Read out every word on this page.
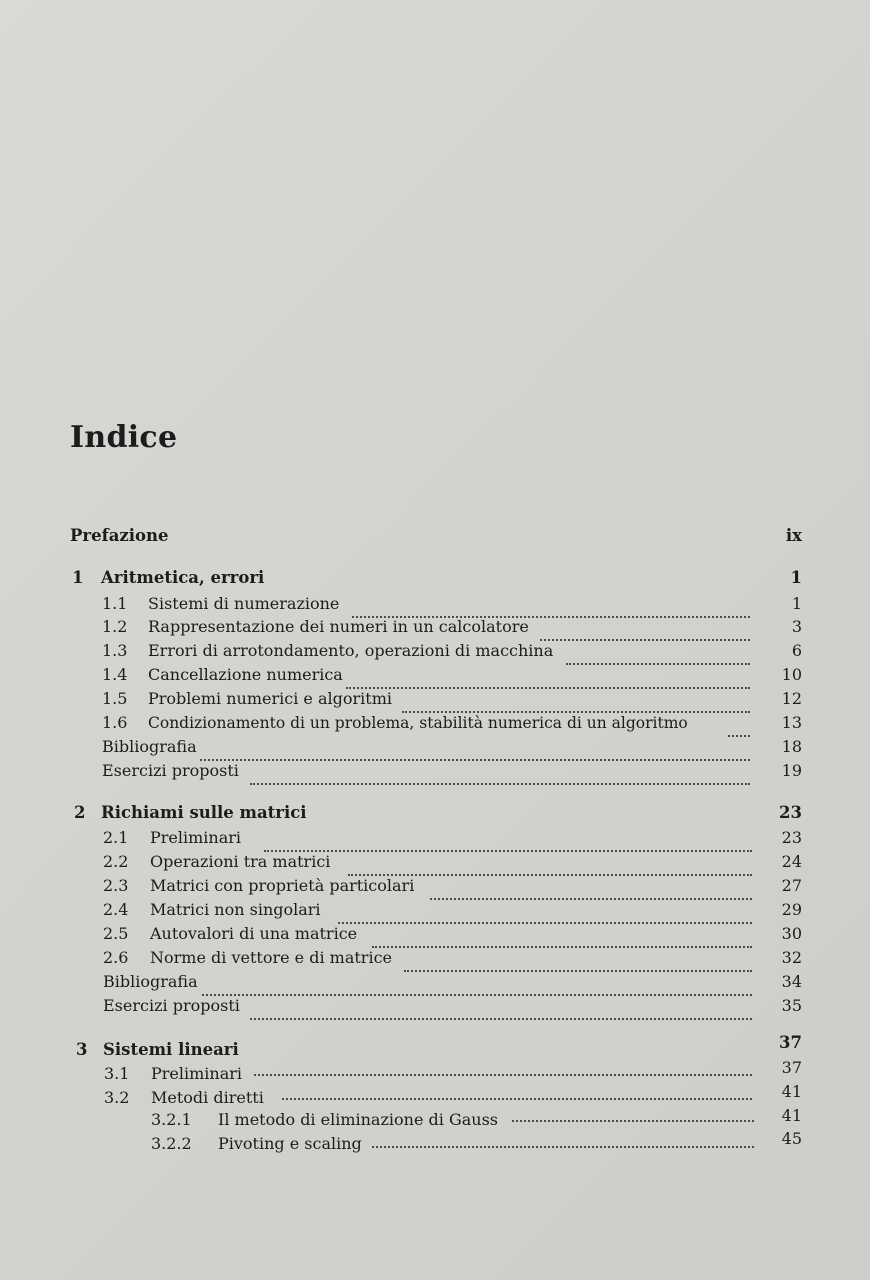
Indice
Prefazione	ix
1 Aritmetica, errori	1
1.1 Sistemi di numerazione	1
1.2 Rappresentazione dei numeri in un calcolatore	3
1.3 Errori di arrotondamento, operazioni di macchina	6
1.4 Cancellazione numerica	10
1.5 Problemi numerici e algoritmi	12
1.6 Condizionamento di un problema, stabilità numerica di un algoritmo	13
Bibliografia	18
Esercizi proposti	19
2 Richiami sulle matrici	23
2.1 Preliminari	23
2.2 Operazioni tra matrici	24
2.3 Matrici con proprietà particolari	27
2.4 Matrici non singolari	29
2.5 Autovalori di una matrice	30
2.6 Norme di vettore e di matrice	32
Bibliografia	34
Esercizi proposti	35
3 Sistemi lineari	37
3.1 Preliminari	37
3.2 Metodi diretti	41
3.2.1 Il metodo di eliminazione di Gauss	41
3.2.2 Pivoting e scaling	45
